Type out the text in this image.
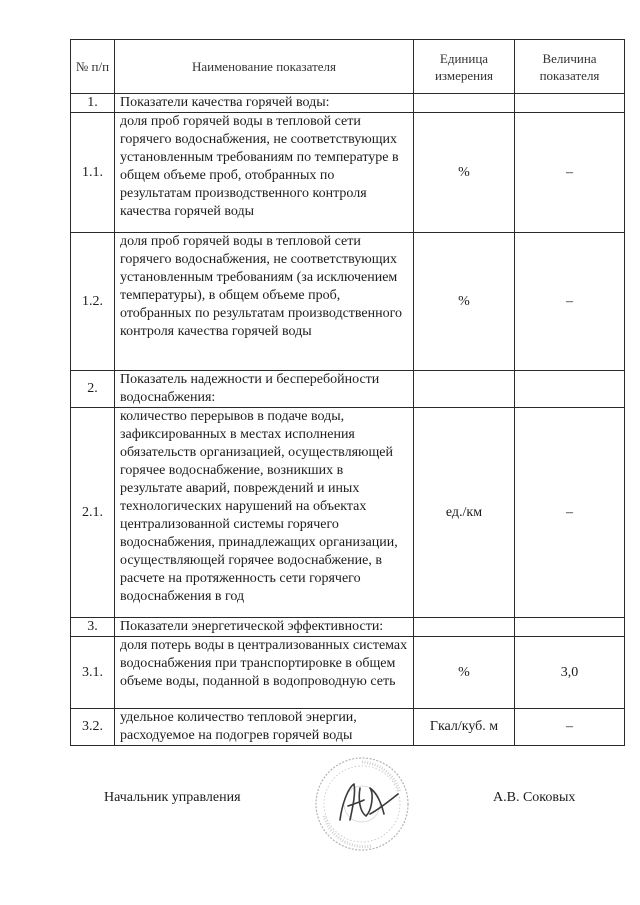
№ п/п	Наименование показателя	Единица измерения	Величина показателя
1.	Показатели качества горячей воды:		
1.1.	доля проб горячей воды в тепловой сети горячего водоснабжения, не соответствующих установленным требованиям по температуре в общем объеме проб, отобранных по результатам производственного контроля качества горячей воды	%	–
1.2.	доля проб горячей воды в тепловой сети горячего водоснабжения, не соответствующих установленным требованиям (за исключением температуры), в общем объеме проб, отобранных по результатам производственного контроля качества горячей воды	%	–
2.	Показатель надежности и бесперебойности водоснабжения:		
2.1.	количество перерывов в подаче воды, зафиксированных в местах исполнения обязательств организацией, осуществляющей горячее водоснабжение, возникших в результате аварий, повреждений и иных технологических нарушений на объектах централизованной системы горячего водоснабжения, принадлежащих организации, осуществляющей горячее водоснабжение, в расчете на протяженность сети горячего водоснабжения в год	ед./км	–
3.	Показатели энергетической эффективности:		
3.1.	доля потерь воды в централизованных системах водоснабжения при транспортировке в общем объеме воды, поданной в водопроводную сеть	%	3,0
3.2.	удельное количество тепловой энергии, расходуемое на подогрев горячей воды	Гкал/куб. м	–
Начальник управления	А.В. Соковых
